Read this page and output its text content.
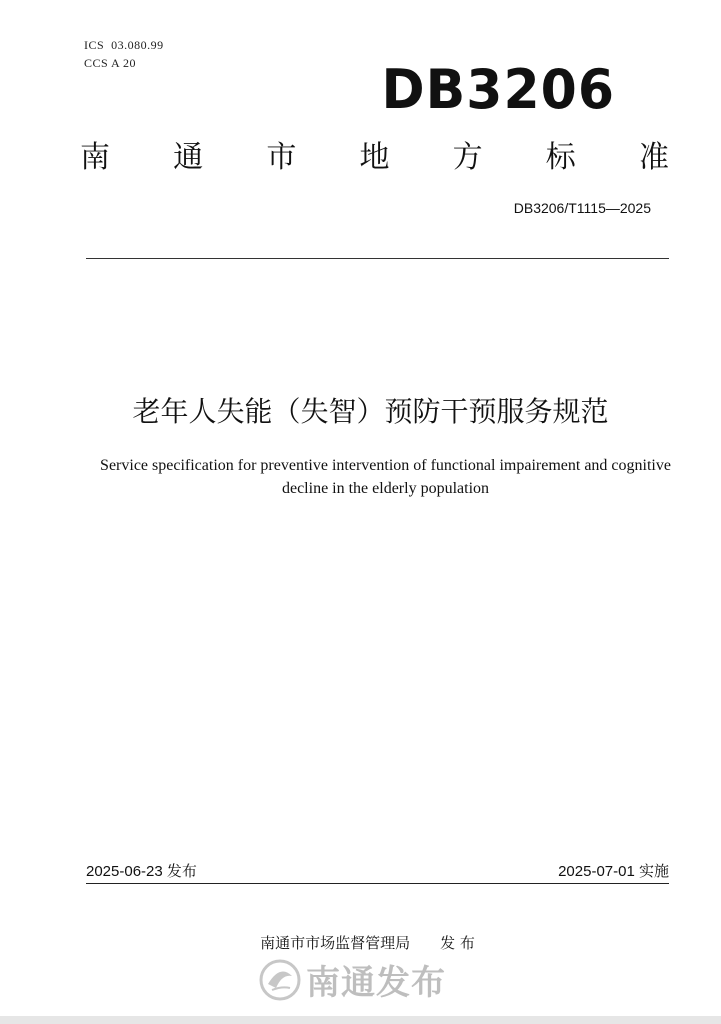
ICS  03.080.99
CCS A 20	DB3206
南 通 市 地 方 标 准
DB3206/T1115—2025
老年人失能（失智）预防干预服务规范
Service specification for preventive intervention of functional impairement and cognitive decline in the elderly population
2025-06-23 发布	2025-07-01 实施
南通市市场监督管理局 发 布
南通发布
